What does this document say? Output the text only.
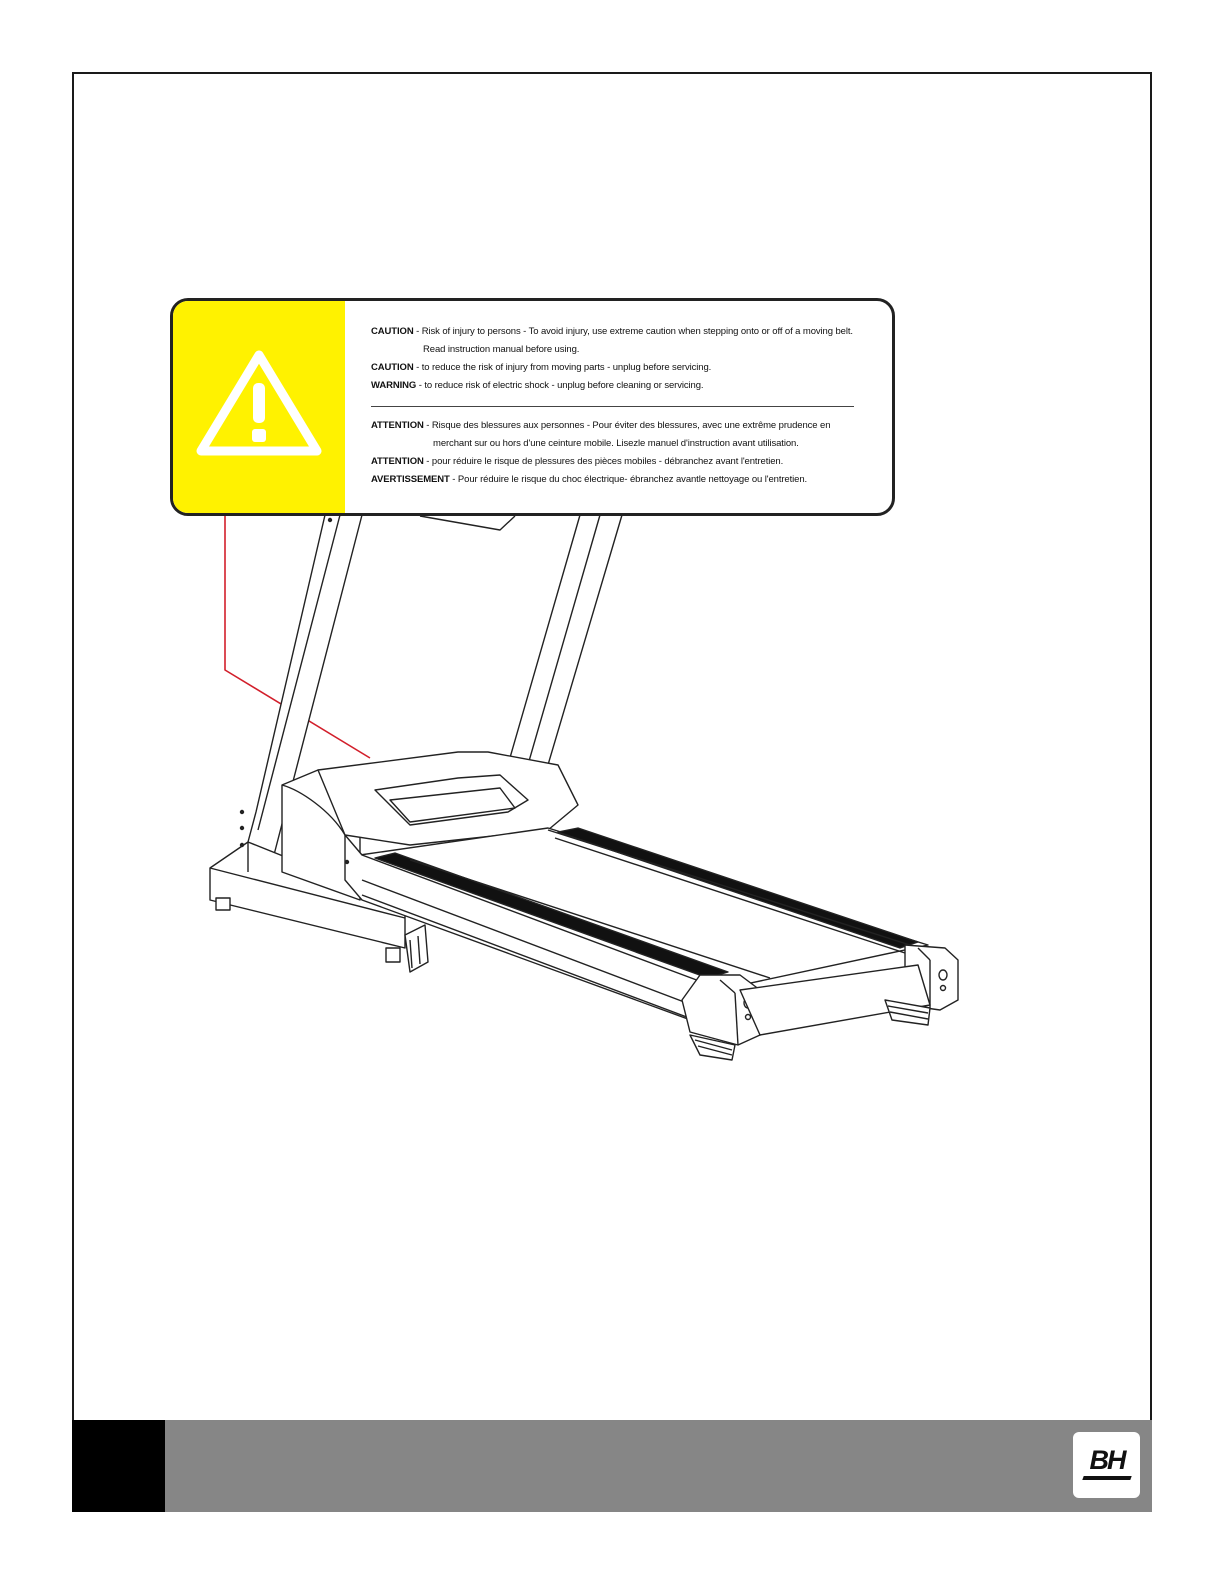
CAUTION - Risk of injury to persons - To avoid injury, use extreme caution when stepping onto or off of a moving belt.
Read instruction manual before using.
CAUTION - to reduce the risk of injury from moving parts - unplug before servicing.
WARNING - to reduce risk of electric shock - unplug before cleaning or servicing.
ATTENTION - Risque des blessures aux personnes - Pour éviter des blessures, avec une extrême prudence en
merchant sur ou hors d'une ceinture mobile. Lisezle manuel d'instruction avant utilisation.
ATTENTION - pour réduire le risque de plessures des pièces mobiles - débranchez avant l'entretien.
AVERTISSEMENT - Pour réduire le risque du choc électrique- ébranchez avantle nettoyage ou l'entretien.
BH
